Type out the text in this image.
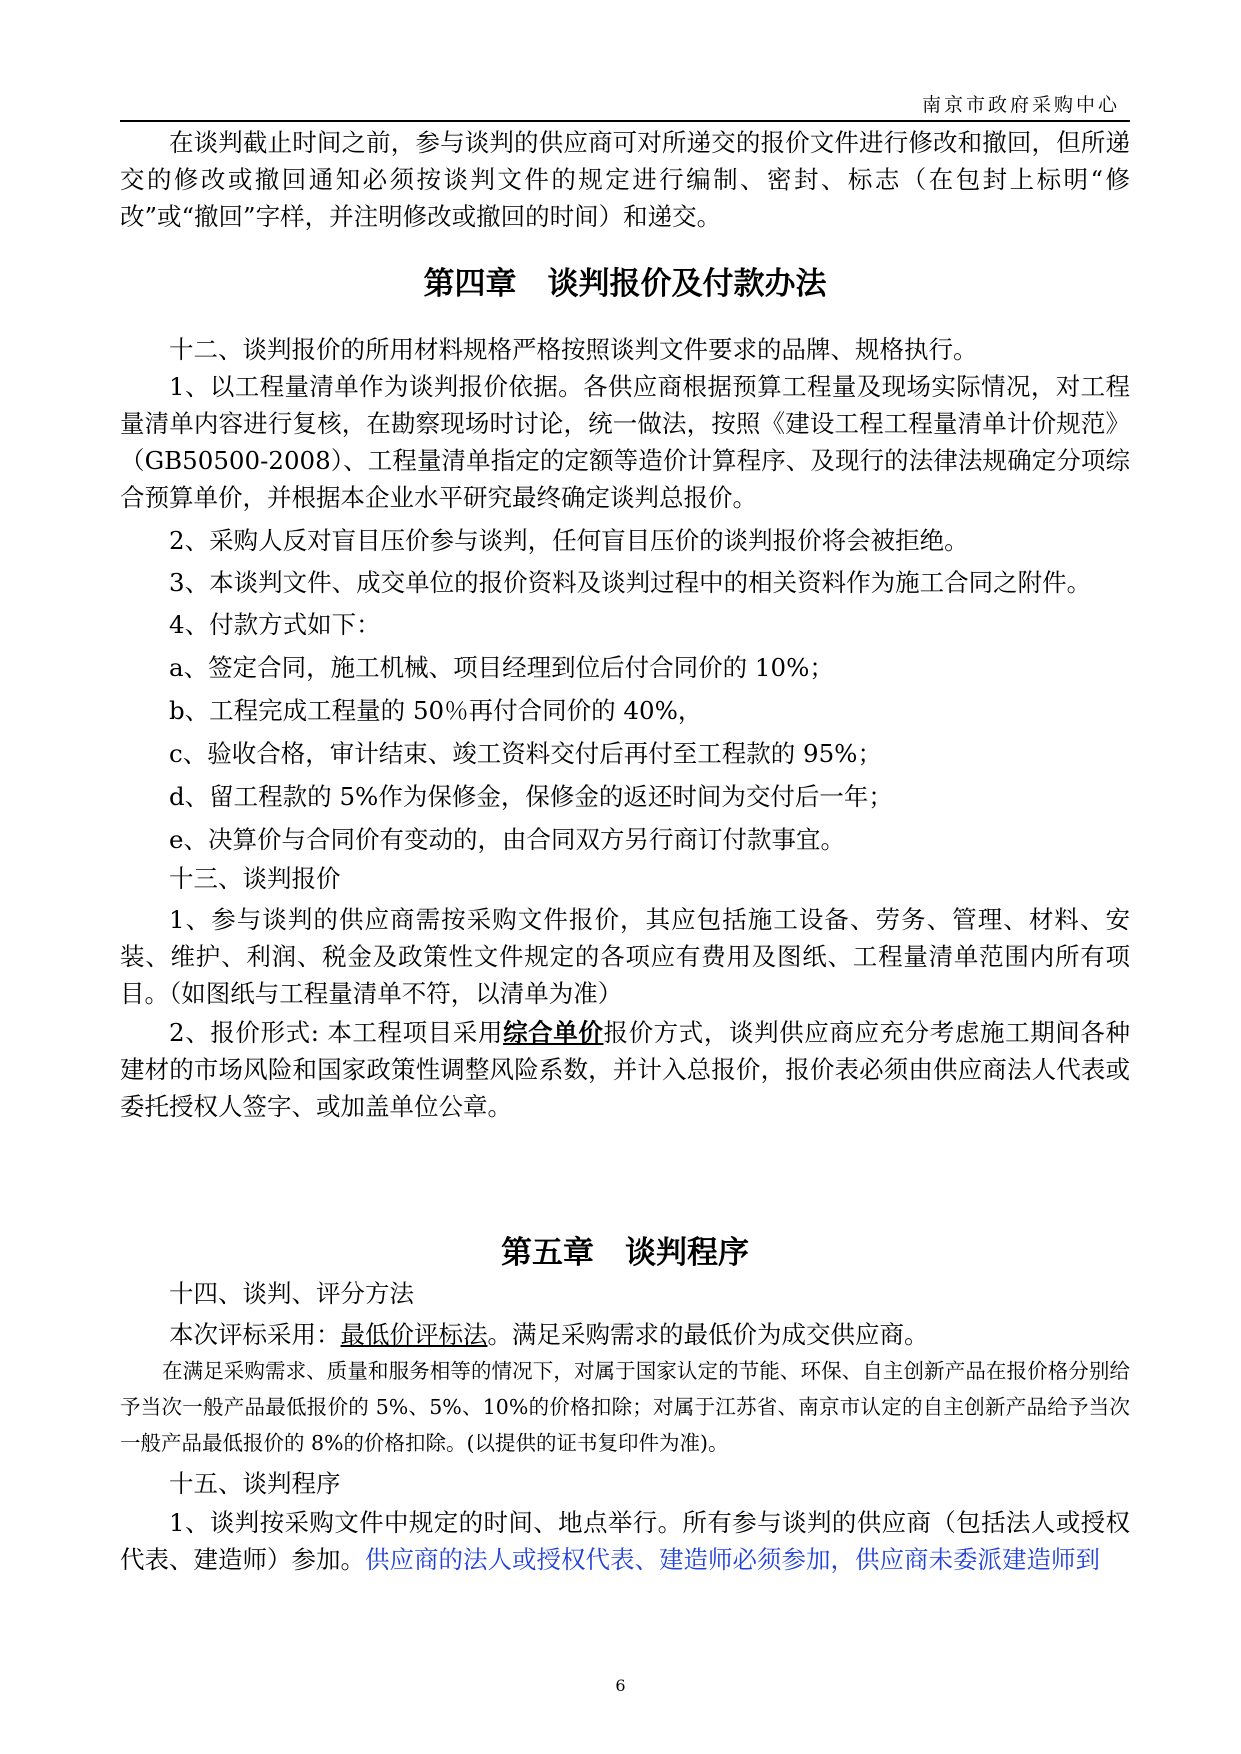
南京市政府采购中心

在谈判截止时间之前，参与谈判的供应商可对所递交的报价文件进行修改和撤回，但所递交的修改或撤回通知必须按谈判文件的规定进行编制、密封、标志（在包封上标明“修改”或“撤回”字样，并注明修改或撤回的时间）和递交。

第四章　谈判报价及付款办法

十二、谈判报价的所用材料规格严格按照谈判文件要求的品牌、规格执行。

1、以工程量清单作为谈判报价依据。各供应商根据预算工程量及现场实际情况，对工程量清单内容进行复核，在勘察现场时讨论，统一做法，按照《建设工程工程量清单计价规范》（GB50500-2008）、工程量清单指定的定额等造价计算程序、及现行的法律法规确定分项综合预算单价，并根据本企业水平研究最终确定谈判总报价。

2、采购人反对盲目压价参与谈判，任何盲目压价的谈判报价将会被拒绝。

3、本谈判文件、成交单位的报价资料及谈判过程中的相关资料作为施工合同之附件。

4、付款方式如下：

a、签定合同，施工机械、项目经理到位后付合同价的 10%；

b、工程完成工程量的 50％再付合同价的 40%，

c、验收合格，审计结束、竣工资料交付后再付至工程款的 95%；

d、留工程款的 5%作为保修金，保修金的返还时间为交付后一年；

e、决算价与合同价有变动的，由合同双方另行商订付款事宜。

十三、谈判报价

1、参与谈判的供应商需按采购文件报价，其应包括施工设备、劳务、管理、材料、安装、维护、利润、税金及政策性文件规定的各项应有费用及图纸、工程量清单范围内所有项目。（如图纸与工程量清单不符，以清单为准）

2、报价形式: 本工程项目采用综合单价报价方式，谈判供应商应充分考虑施工期间各种建材的市场风险和国家政策性调整风险系数，并计入总报价，报价表必须由供应商法人代表或委托授权人签字、或加盖单位公章。

第五章　谈判程序

十四、谈判、评分方法

本次评标采用：最低价评标法。满足采购需求的最低价为成交供应商。

在满足采购需求、质量和服务相等的情况下，对属于国家认定的节能、环保、自主创新产品在报价格分别给予当次一般产品最低报价的 5%、5%、10%的价格扣除；对属于江苏省、南京市认定的自主创新产品给予当次一般产品最低报价的 8%的价格扣除。(以提供的证书复印件为准)。

十五、谈判程序

1、谈判按采购文件中规定的时间、地点举行。所有参与谈判的供应商（包括法人或授权代表、建造师）参加。供应商的法人或授权代表、建造师必须参加，供应商未委派建造师到

6
